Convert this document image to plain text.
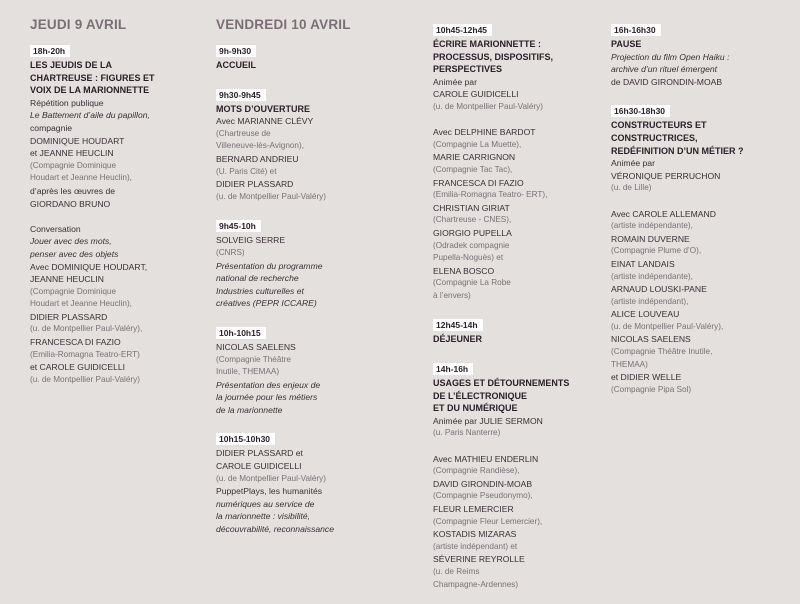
JEUDI 9 AVRIL
18h-20h

LES JEUDIS DE LA

CHARTREUSE : FIGURES ET

VOIX DE LA MARIONNETTE

Répétition publique

Le Battement d’aile du papillon,

compagnie

DOMINIQUE HOUDART

et JEANNE HEUCLIN

(Compagnie Dominique

Houdart et Jeanne Heuclin),

d’après les œuvres de

GIORDANO BRUNO

Conversation

Jouer avec des mots,

penser avec des objets

Avec DOMINIQUE HOUDART,

JEANNE HEUCLIN

(Compagnie Dominique

Houdart et Jeanne Heuclin),

DIDIER PLASSARD

(u. de Montpellier Paul-Valéry),

FRANCESCA DI FAZIO

(Emilia-Romagna Teatro-ERT)

et CAROLE GUIDICELLI

(u. de Montpellier Paul-Valéry)

VENDREDI 10 AVRIL
9h-9h30

ACCUEIL

9h30-9h45

MOTS D’OUVERTURE

Avec MARIANNE CLÉVY

(Chartreuse de

Villeneuve-lès-Avignon),

BERNARD ANDRIEU

(U. Paris Cité) et

DIDIER PLASSARD

(u. de Montpellier Paul-Valéry)

9h45-10h

SOLVEIG SERRE

(CNRS)

Présentation du programme

national de recherche

Industries culturelles et

créatives (PEPR ICCARE)

10h-10h15

NICOLAS SAELENS

(Compagnie Théâtre

Inutile, THEMAA)

Présentation des enjeux de

la journée pour les métiers

de la marionnette

10h15-10h30

DIDIER PLASSARD et

CAROLE GUIDICELLI

(u. de Montpellier Paul-Valéry)

PuppetPlays, les humanités

numériques au service de

la marionnette : visibilité,

découvrabilité, reconnaissance

10h45-12h45

ÉCRIRE MARIONNETTE :

PROCESSUS, DISPOSITIFS,

PERSPECTIVES

Animée par

CAROLE GUIDICELLI

(u. de Montpellier Paul-Valéry)

Avec DELPHINE BARDOT

(Compagnie La Muette),

MARIE CARRIGNON

(Compagnie Tac Tac),

FRANCESCA DI FAZIO

(Emilia-Romagna Teatro- ERT),

CHRISTIAN GIRIAT

(Chartreuse - CNES),

GIORGIO PUPELLA

(Odradek compagnie

Pupella-Noguès) et

ELENA BOSCO

(Compagnie La Robe

à l’envers)

12h45-14h

DÉJEUNER

14h-16h

USAGES ET DÉTOURNEMENTS

DE L’ÉLECTRONIQUE

ET DU NUMÉRIQUE

Animée par JULIE SERMON

(u. Paris Nanterre)

Avec MATHIEU ENDERLIN

(Compagnie Randièse),

DAVID GIRONDIN-MOAB

(Compagnie Pseudonymo),

FLEUR LEMERCIER

(Compagnie Fleur Lemercier),

KOSTADIS MIZARAS

(artiste indépendant) et

SÉVERINE REYROLLE

(u. de Reims

Champagne-Ardennes)

16h-16h30

PAUSE

Projection du film Open Haiku :

archive d’un rituel émergent

de DAVID GIRONDIN-MOAB

16h30-18h30

CONSTRUCTEURS ET

CONSTRUCTRICES,

REDÉFINITION D’UN MÉTIER ?

Animée par

VÉRONIQUE PERRUCHON

(u. de Lille)

Avec CAROLE ALLEMAND

(artiste indépendante),

ROMAIN DUVERNE

(Compagnie Plume d’O),

EINAT LANDAIS

(artiste indépendante),

ARNAUD LOUSKI-PANE

(artiste indépendant),

ALICE LOUVEAU

(u. de Montpellier Paul-Valéry),

NICOLAS SAELENS

(Compagnie Théâtre Inutile,

THEMAA)

et DIDIER WELLE

(Compagnie Pipa Sol)
